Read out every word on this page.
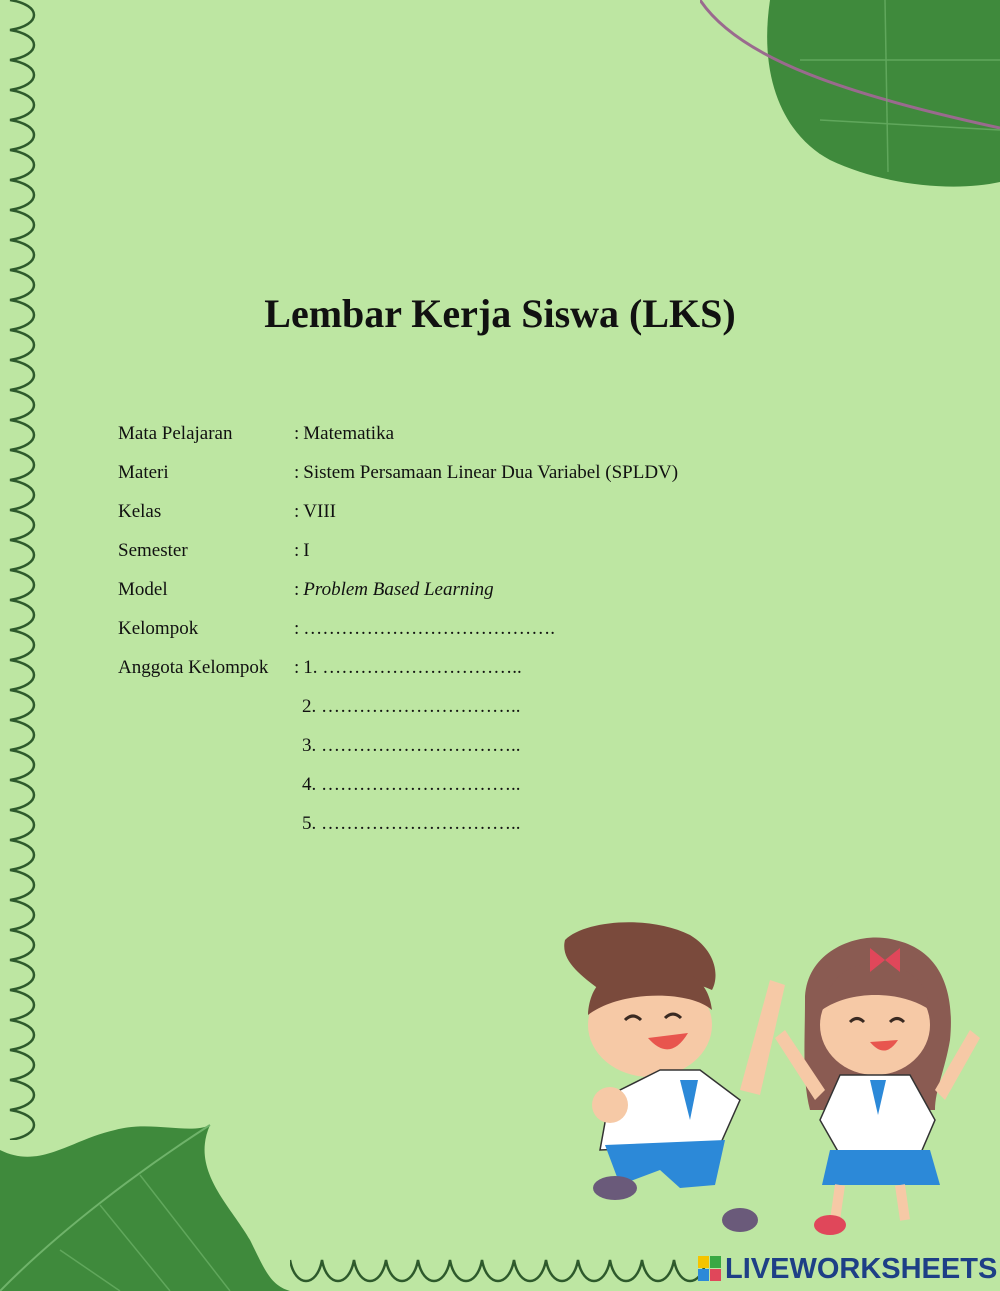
Lembar Kerja Siswa (LKS)
Mata Pelajaran	: Matematika
Materi	: Sistem Persamaan Linear Dua Variabel (SPLDV)
Kelas	: VIII
Semester	: I
Model	: Problem Based Learning
Kelompok	: ………………………………….
Anggota Kelompok : 1. …………………………..
2. …………………………..
3. …………………………..
4. …………………………..
5. …………………………..
LIVEWORKSHEETS
